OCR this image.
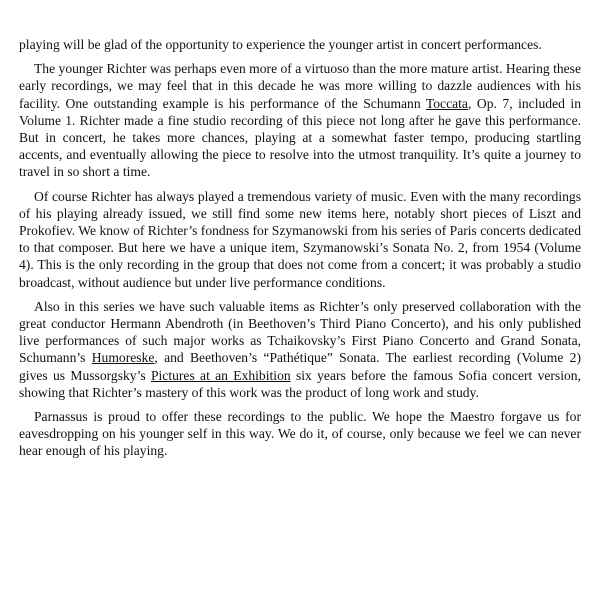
playing will be glad of the opportunity to experience the younger artist in concert performances.

The younger Richter was perhaps even more of a virtuoso than the more mature artist. Hearing these early recordings, we may feel that in this decade he was more willing to dazzle audiences with his facility. One outstanding example is his performance of the Schumann Toccata, Op. 7, included in Volume 1. Richter made a fine studio recording of this piece not long after he gave this performance. But in concert, he takes more chances, playing at a somewhat faster tempo, producing startling accents, and eventually allowing the piece to resolve into the utmost tranquility. It’s quite a journey to travel in so short a time.

Of course Richter has always played a tremendous variety of music. Even with the many recordings of his playing already issued, we still find some new items here, notably short pieces of Liszt and Prokofiev. We know of Richter’s fondness for Szymanowski from his series of Paris concerts dedicated to that composer. But here we have a unique item, Szymanowski’s Sonata No. 2, from 1954 (Volume 4). This is the only recording in the group that does not come from a concert; it was probably a studio broadcast, without audience but under live performance conditions.

Also in this series we have such valuable items as Richter’s only preserved collaboration with the great conductor Hermann Abendroth (in Beethoven’s Third Piano Concerto), and his only published live performances of such major works as Tchaikovsky’s First Piano Concerto and Grand Sonata, Schumann’s Humoreske, and Beethoven’s “Pathétique” Sonata. The earliest recording (Volume 2) gives us Mussorgsky’s Pictures at an Exhibition six years before the famous Sofia concert version, showing that Richter’s mastery of this work was the product of long work and study.

Parnassus is proud to offer these recordings to the public. We hope the Maestro forgave us for eavesdropping on his younger self in this way. We do it, of course, only because we feel we can never hear enough of his playing.
